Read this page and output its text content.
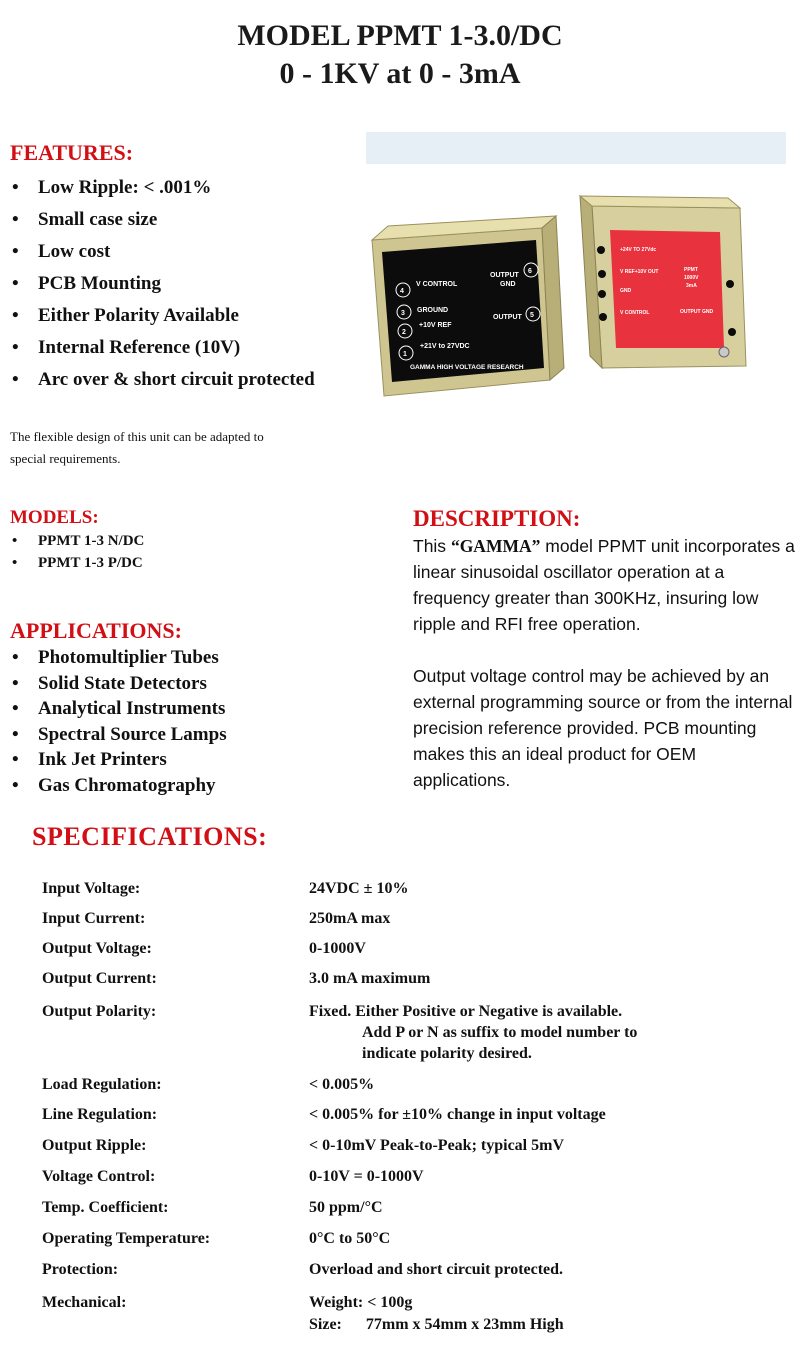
MODEL PPMT 1-3.0/DC
0 - 1KV at 0 - 3mA
FEATURES:
• Low Ripple: < .001%
• Small case size
• Low cost
• PCB Mounting
• Either Polarity Available
• Internal Reference (10V)
• Arc over & short circuit protected
The flexible design of this unit can be adapted to
special requirements.
4
V CONTROL
3 GROUND
2
+10V REF
1
+21V to 27VDC
6
OUTPUT
GND
5
OUTPUT
GAMMA HIGH VOLTAGE RESEARCH
+24V TO 27Vdc
V REF+10V OUT
GND
V CONTROL
PPMT
1000V
3mA
OUTPUT GND
MODELS:
• PPMT 1-3 N/DC
• PPMT 1-3 P/DC
APPLICATIONS:
• Photomultiplier Tubes
• Solid State Detectors
• Analytical Instruments
• Spectral Source Lamps
• Ink Jet Printers
• Gas Chromatography
DESCRIPTION:

This “GAMMA” model PPMT unit incorporates a linear sinusoidal oscillator operation at a frequency greater than 300KHz, insuring low ripple and RFI free operation.

Output voltage control may be achieved by an external programming source or from the internal precision reference provided. PCB mounting makes this an ideal product for OEM applications.

SPECIFICATIONS:
Input Voltage:	24VDC ± 10%
Input Current:	250mA max
Output Voltage:	0-1000V
Output Current:	3.0 mA maximum
Output Polarity:	Fixed. Either Positive or Negative is available.
Add P or N as suffix to model number to
indicate polarity desired.
Load Regulation:	< 0.005%
Line Regulation:	< 0.005% for ±10% change in input voltage
Output Ripple:	< 0-10mV Peak-to-Peak; typical 5mV
Voltage Control:	0-10V = 0-1000V
Temp. Coefficient:	50 ppm/°C
Operating Temperature:	0°C to 50°C
Protection:	Overload and short circuit protected.
Mechanical:	Weight: < 100g
Size:      77mm x 54mm x 23mm High
